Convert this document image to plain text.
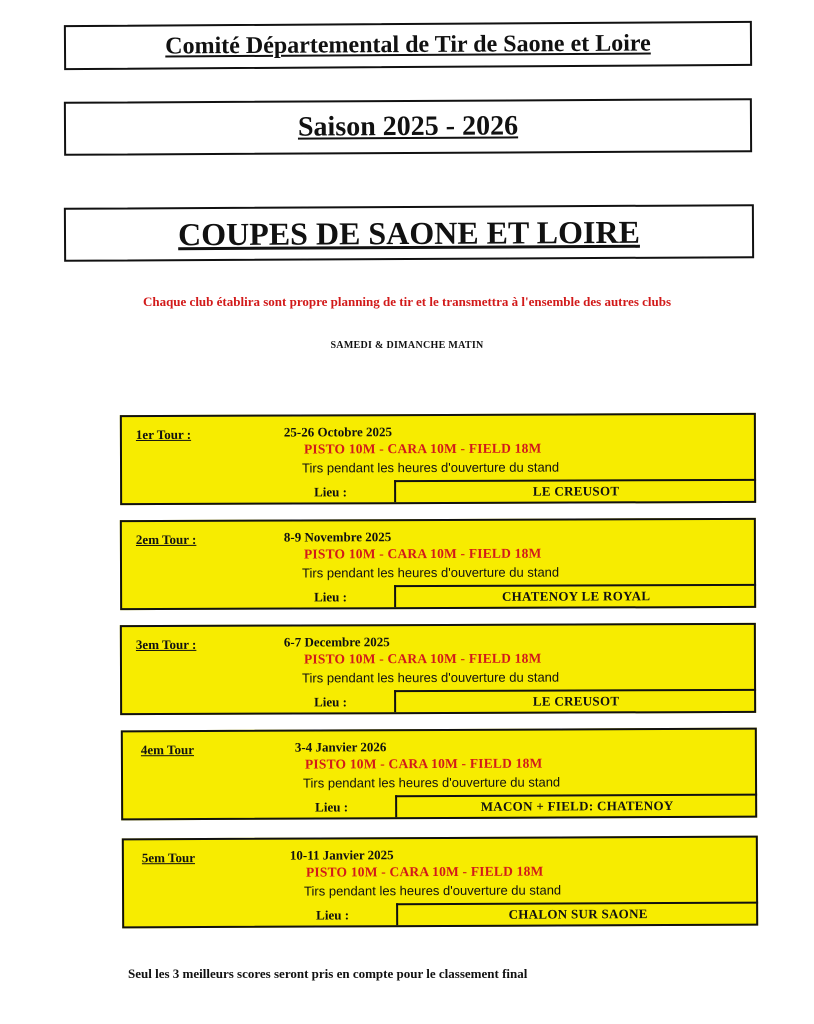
Comité Départemental de Tir de Saone et Loire
Saison 2025 - 2026
COUPES DE SAONE ET LOIRE
Chaque club établira sont propre planning de tir et le transmettra à l'ensemble des autres clubs
SAMEDI & DIMANCHE MATIN
1er Tour :	25-26 Octobre 2025
PISTO 10M - CARA 10M - FIELD 18M
Tirs pendant les heures d'ouverture du stand
Lieu :	LE CREUSOT
2em Tour :	8-9 Novembre 2025
PISTO 10M - CARA 10M - FIELD 18M
Tirs pendant les heures d'ouverture du stand
Lieu :	CHATENOY LE ROYAL
3em Tour :	6-7 Decembre 2025
PISTO 10M - CARA 10M - FIELD 18M
Tirs pendant les heures d'ouverture du stand
Lieu :	LE CREUSOT
4em Tour	3-4 Janvier 2026
PISTO 10M - CARA 10M - FIELD 18M
Tirs pendant les heures d'ouverture du stand
Lieu :	MACON + FIELD: CHATENOY
5em Tour	10-11 Janvier 2025
PISTO 10M - CARA 10M - FIELD 18M
Tirs pendant les heures d'ouverture du stand
Lieu :	CHALON SUR SAONE
Seul les 3 meilleurs scores seront pris en compte pour le classement final
